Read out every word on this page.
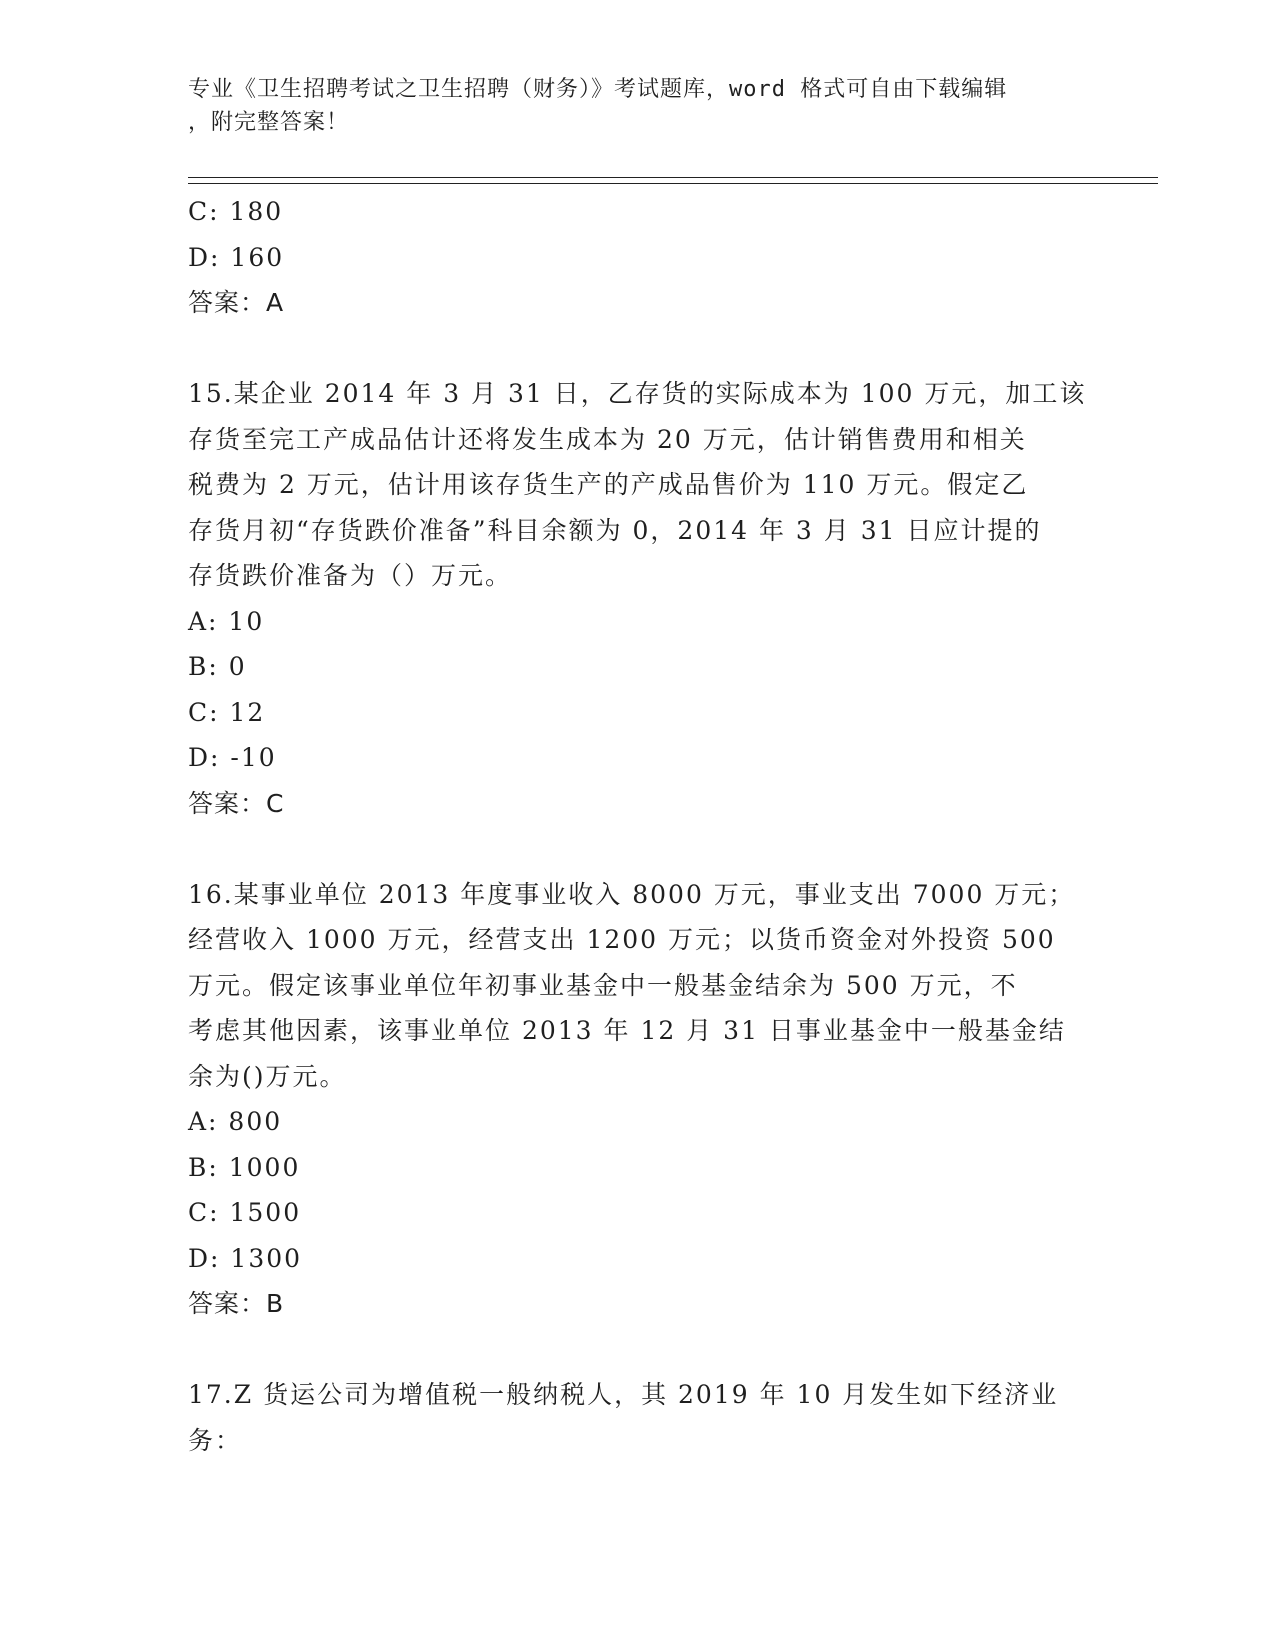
专业《卫生招聘考试之卫生招聘（财务）》考试题库，word 格式可自由下载编辑
，附完整答案！
C: 180
D: 160
答案：A
15.某企业 2014 年 3 月 31 日，乙存货的实际成本为 100 万元，加工该
存货至完工产成品估计还将发生成本为 20 万元，估计销售费用和相关
税费为 2 万元，估计用该存货生产的产成品售价为 110 万元。假定乙
存货月初“存货跌价准备”科目余额为 0，2014 年 3 月 31 日应计提的
存货跌价准备为（）万元。
A: 10
B: 0
C: 12
D: -10
答案：C
16.某事业单位 2013 年度事业收入 8000 万元，事业支出 7000 万元；
经营收入 1000 万元，经营支出 1200 万元；以货币资金对外投资 500
万元。假定该事业单位年初事业基金中一般基金结余为 500 万元，不
考虑其他因素，该事业单位 2013 年 12 月 31 日事业基金中一般基金结
余为()万元。
A: 800
B: 1000
C: 1500
D: 1300
答案：B
17.Z 货运公司为增值税一般纳税人，其 2019 年 10 月发生如下经济业
务：
